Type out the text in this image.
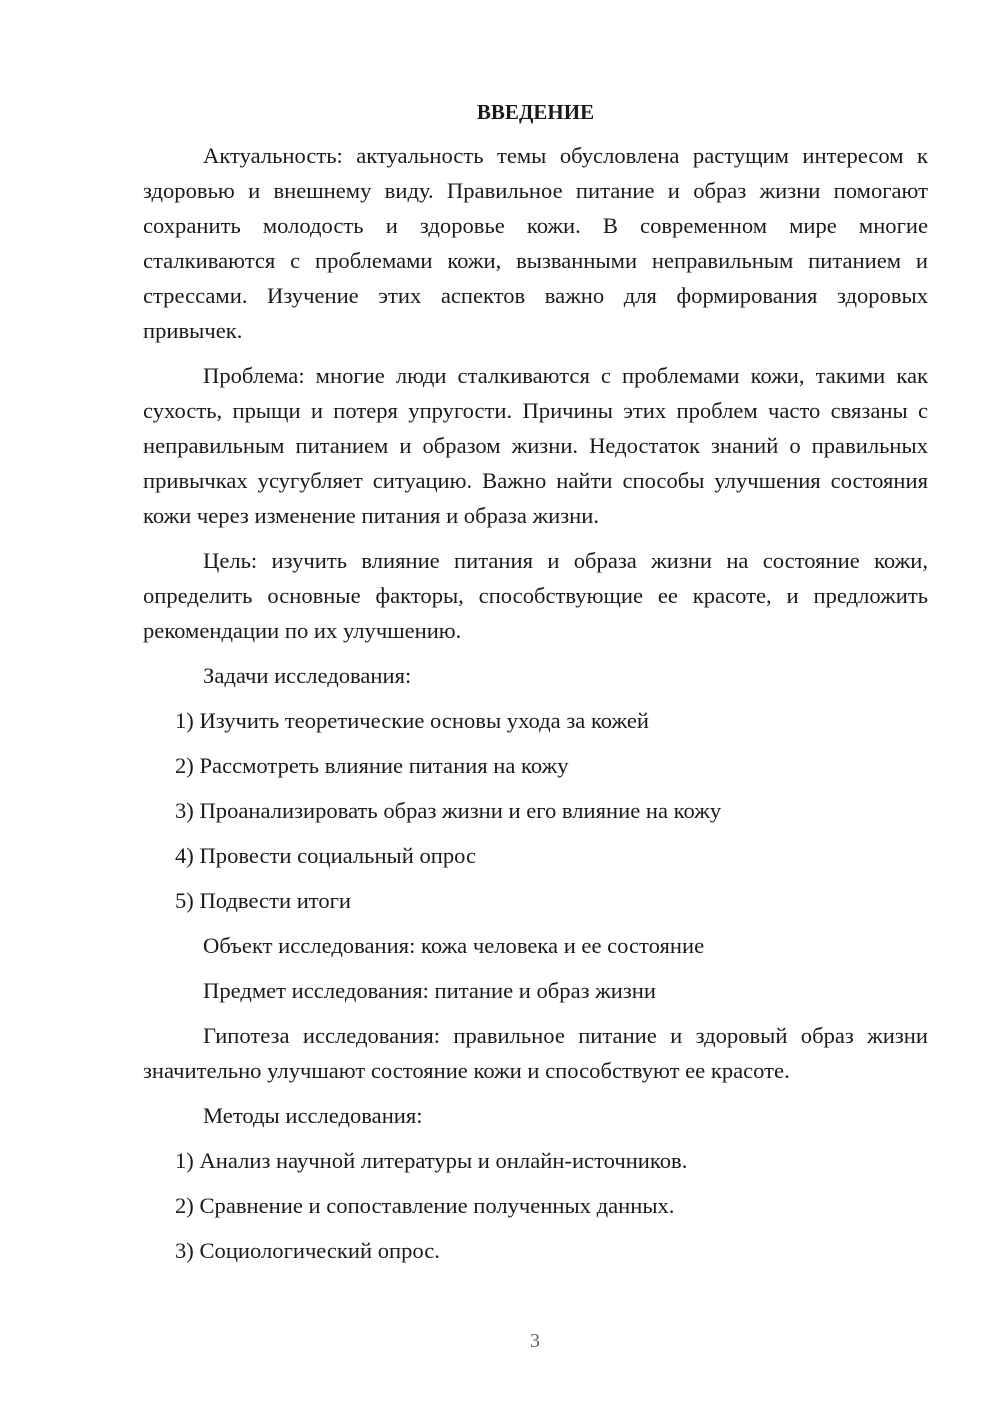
ВВЕДЕНИЕ

Актуальность: актуальность темы обусловлена растущим интересом к здоровью и внешнему виду. Правильное питание и образ жизни помогают сохранить молодость и здоровье кожи. В современном мире многие сталкиваются с проблемами кожи, вызванными неправильным питанием и стрессами. Изучение этих аспектов важно для формирования здоровых привычек.

Проблема: многие люди сталкиваются с проблемами кожи, такими как сухость, прыщи и потеря упругости. Причины этих проблем часто связаны с неправильным питанием и образом жизни. Недостаток знаний о правильных привычках усугубляет ситуацию. Важно найти способы улучшения состояния кожи через изменение питания и образа жизни.

Цель: изучить влияние питания и образа жизни на состояние кожи, определить основные факторы, способствующие ее красоте, и предложить рекомендации по их улучшению.

Задачи исследования:
1) Изучить теоретические основы ухода за кожей
2) Рассмотреть влияние питания на кожу
3) Проанализировать образ жизни и его влияние на кожу
4) Провести социальный опрос
5) Подвести итоги
Объект исследования: кожа человека и ее состояние
Предмет исследования: питание и образ жизни

Гипотеза исследования: правильное питание и здоровый образ жизни значительно улучшают состояние кожи и способствуют ее красоте.

Методы исследования:
1) Анализ научной литературы и онлайн-источников.
2) Сравнение и сопоставление полученных данных.
3) Социологический опрос.
3
